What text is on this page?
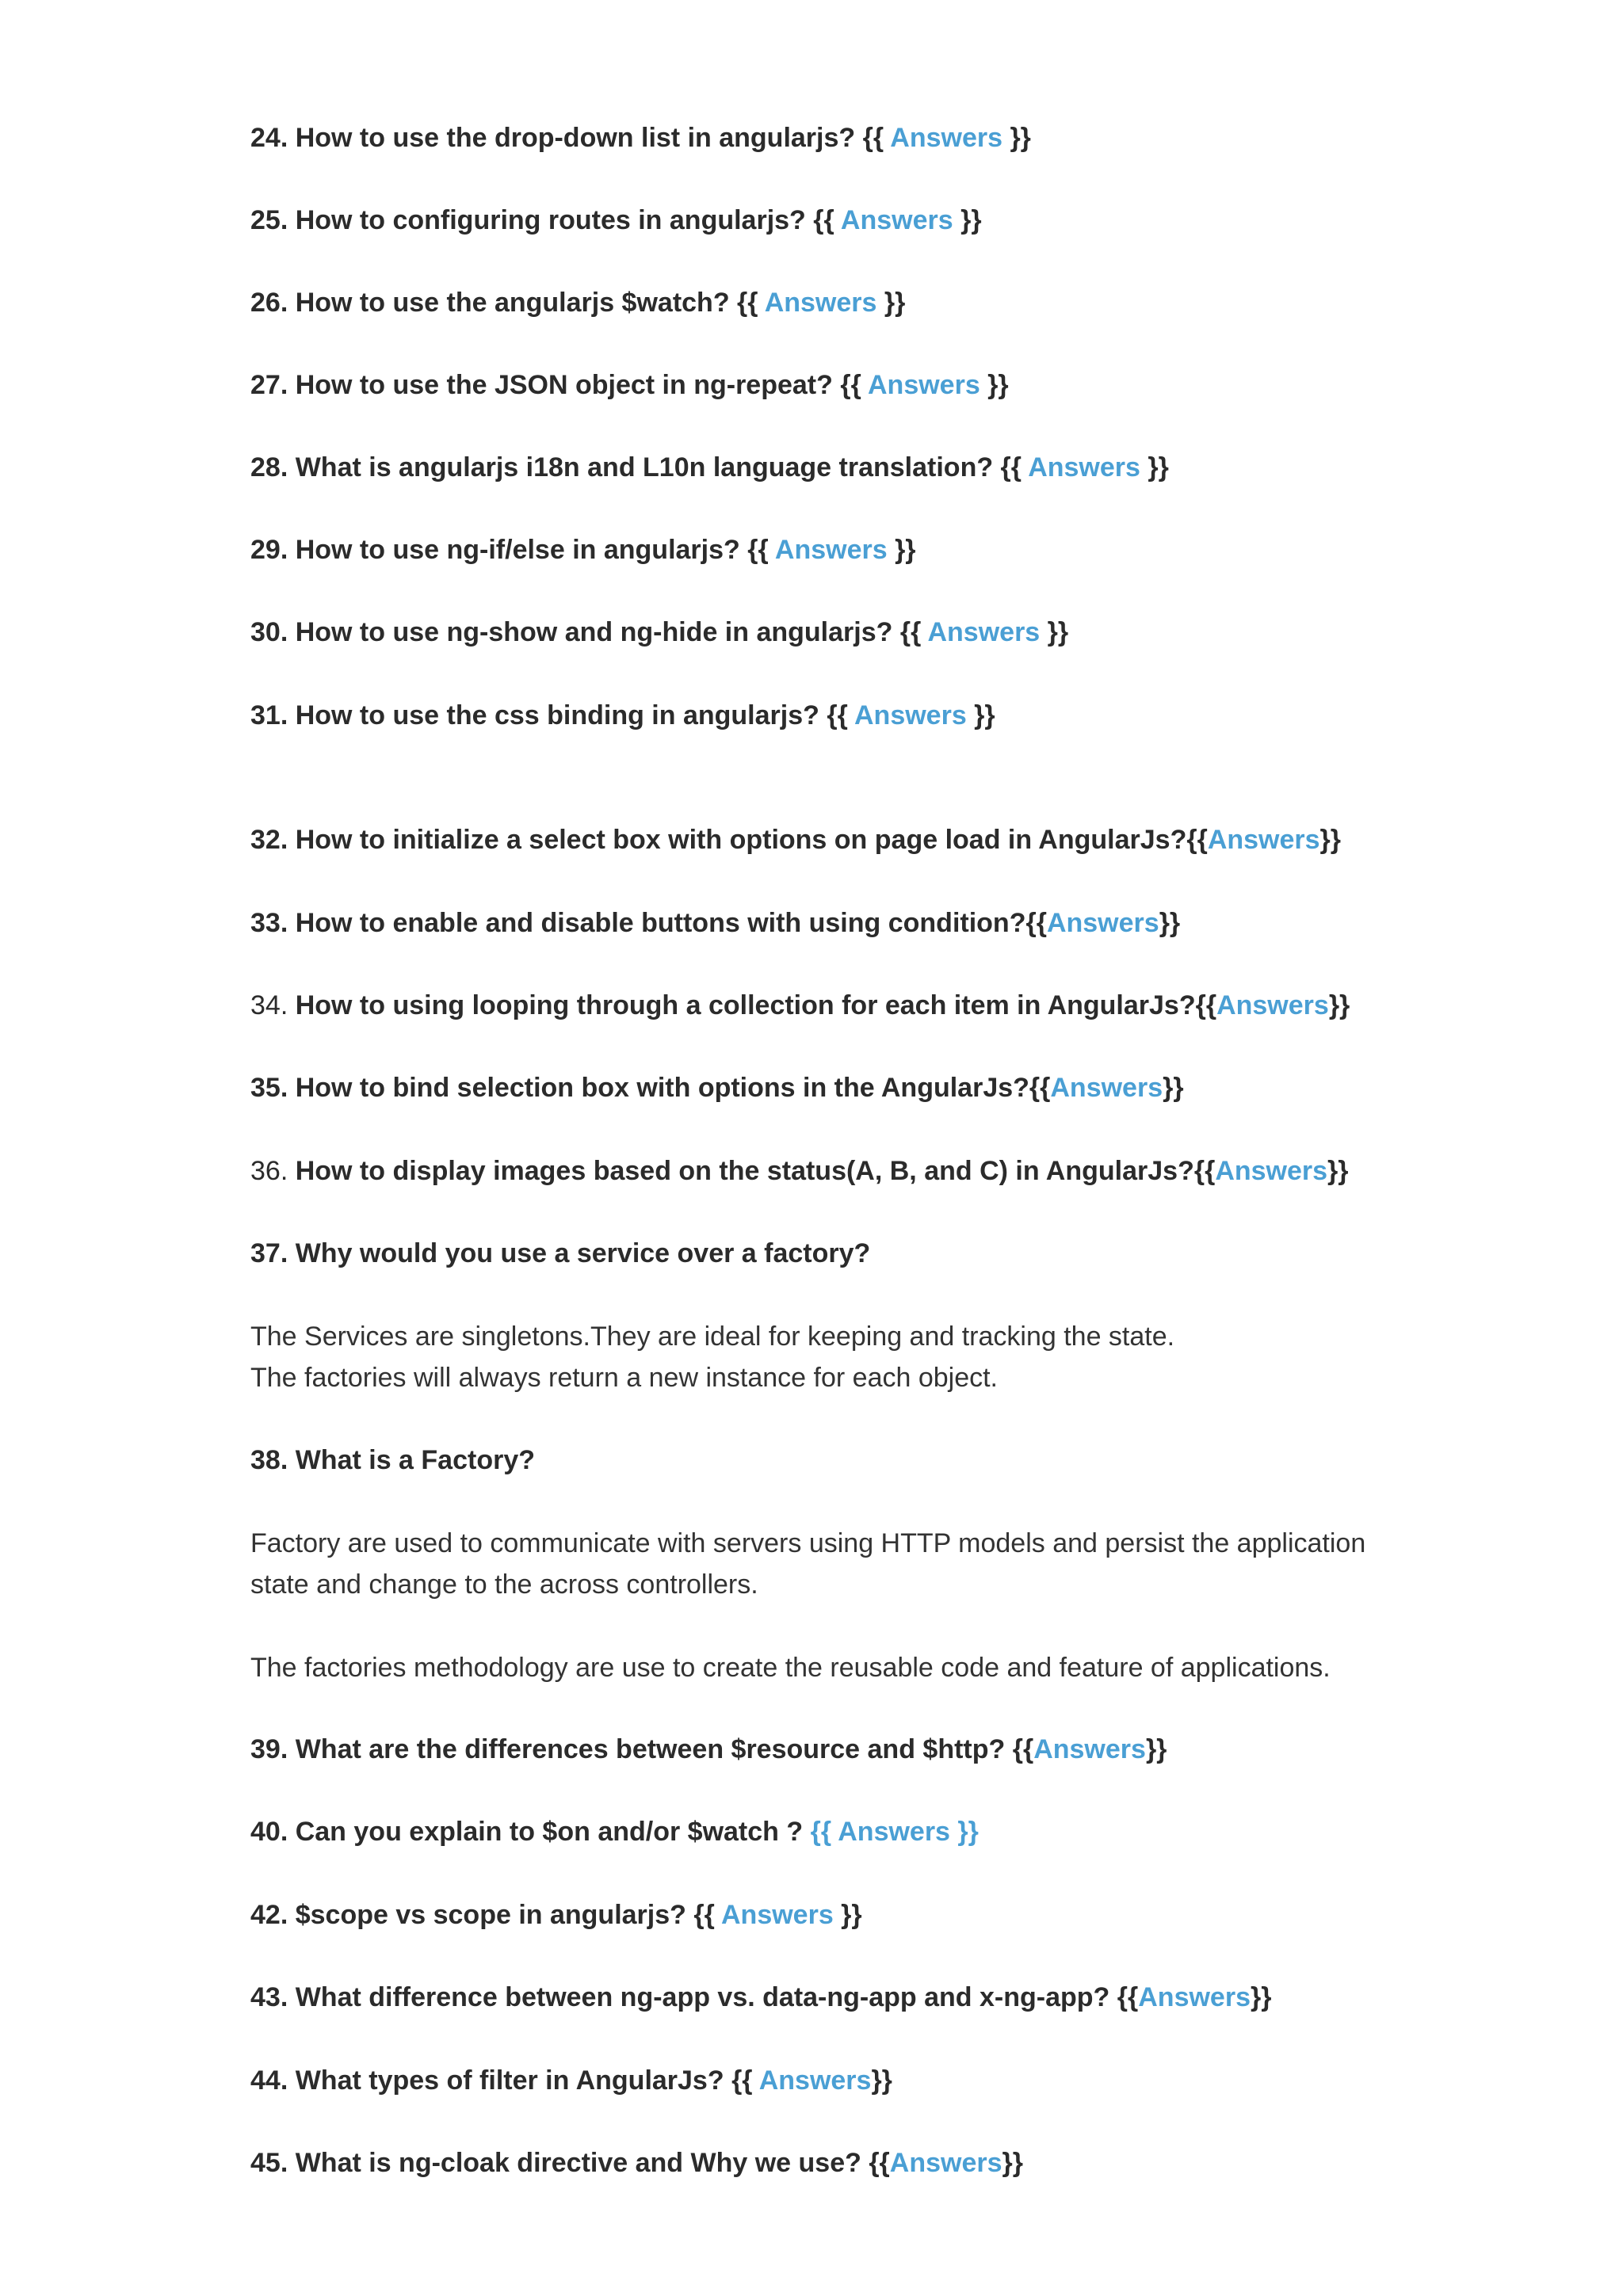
24. How to use the drop-down list in angularjs? {{ Answers }}
25. How to configuring routes in angularjs? {{ Answers }}
26. How to use the angularjs $watch? {{ Answers }}
27. How to use the JSON object in ng-repeat? {{ Answers }}
28. What is angularjs i18n and L10n language translation? {{ Answers }}
29. How to use ng-if/else in angularjs? {{ Answers }}
30. How to use ng-show and ng-hide in angularjs? {{ Answers }}
31. How to use the css binding in angularjs? {{ Answers }}
32. How to initialize a select box with options on page load in AngularJs?{{Answers}}
33. How to enable and disable buttons with using condition?{{Answers}}
34. How to using looping through a collection for each item in AngularJs?{{Answers}}
35. How to bind selection box with options in the AngularJs?{{Answers}}
36. How to display images based on the status(A, B, and C) in AngularJs?{{Answers}}
37. Why would you use a service over a factory?
The Services are singletons.They are ideal for keeping and tracking the state.
The factories will always return a new instance for each object.
38. What is a Factory?
Factory are used to communicate with servers using HTTP models and persist the application
state and change to the across controllers.
The factories methodology are use to create the reusable code and feature of applications.
39. What are the differences between $resource and $http? {{Answers}}
40. Can you explain to $on and/or $watch ? {{ Answers }}
42. $scope vs scope in angularjs? {{ Answers }}
43. What difference between ng-app vs. data-ng-app and x-ng-app? {{Answers}}
44. What types of filter in AngularJs? {{ Answers}}
45. What is ng-cloak directive and Why we use? {{Answers}}
